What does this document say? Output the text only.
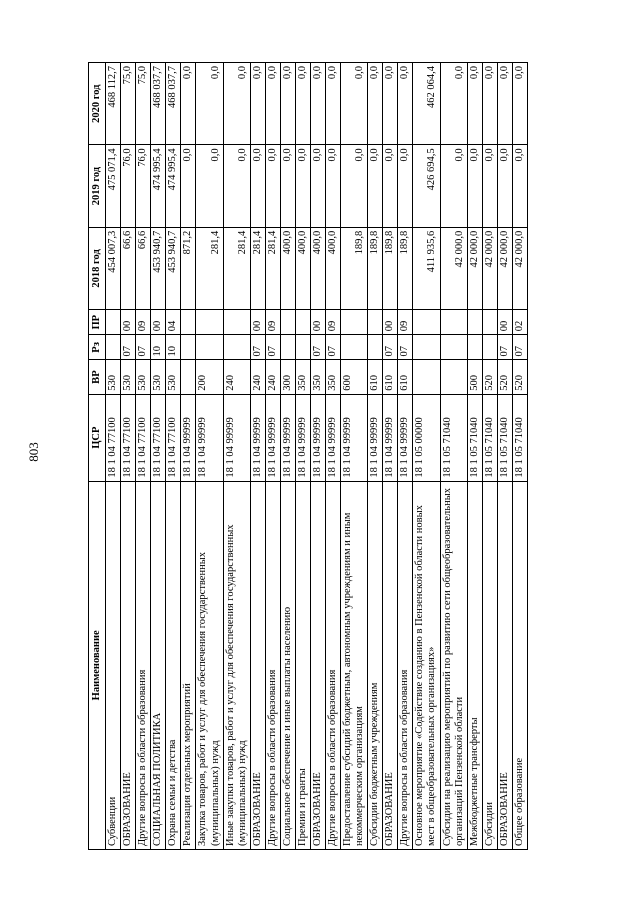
803
Наименование	ЦСР	ВР	Рз	ПР	2018 год	2019 год	2020 год
Субвенции	18 1 04 77100	530			454 007,3	475 071,4	468 112,7
ОБРАЗОВАНИЕ	18 1 04 77100	530	07	00	66,6	76,0	75,0
Другие вопросы в области образования	18 1 04 77100	530	07	09	66,6	76,0	75,0
СОЦИАЛЬНАЯ ПОЛИТИКА	18 1 04 77100	530	10	00	453 940,7	474 995,4	468 037,7
Охрана семьи и детства	18 1 04 77100	530	10	04	453 940,7	474 995,4	468 037,7
Реализация отдельных мероприятий	18 1 04 99999				871,2	0,0	0,0
Закупка товаров, работ и услуг для обеспечения государственных (муниципальных) нужд	18 1 04 99999	200			281,4	0,0	0,0
Иные закупки товаров, работ и услуг для обеспечения государственных (муниципальных) нужд	18 1 04 99999	240			281,4	0,0	0,0
ОБРАЗОВАНИЕ	18 1 04 99999	240	07	00	281,4	0,0	0,0
Другие вопросы в области образования	18 1 04 99999	240	07	09	281,4	0,0	0,0
Социальное обеспечение и иные выплаты населению	18 1 04 99999	300			400,0	0,0	0,0
Премии и гранты	18 1 04 99999	350			400,0	0,0	0,0
ОБРАЗОВАНИЕ	18 1 04 99999	350	07	00	400,0	0,0	0,0
Другие вопросы в области образования	18 1 04 99999	350	07	09	400,0	0,0	0,0
Предоставление субсидий бюджетным, автономным учреждениям и иным некоммерческим организациям	18 1 04 99999	600			189,8	0,0	0,0
Субсидии бюджетным учреждениям	18 1 04 99999	610			189,8	0,0	0,0
ОБРАЗОВАНИЕ	18 1 04 99999	610	07	00	189,8	0,0	0,0
Другие вопросы в области образования	18 1 04 99999	610	07	09	189,8	0,0	0,0
Основное мероприятие «Содействие созданию в Пензенской области новых мест в общеобразовательных организациях»	18 1 05 00000				411 935,6	426 694,5	462 064,4
Субсидии на реализацию мероприятий по развитию сети общеобразовательных организаций Пензенской области	18 1 05 71040				42 000,0	0,0	0,0
Межбюджетные трансферты	18 1 05 71040	500			42 000,0	0,0	0,0
Субсидии	18 1 05 71040	520			42 000,0	0,0	0,0
ОБРАЗОВАНИЕ	18 1 05 71040	520	07	00	42 000,0	0,0	0,0
Общее образование	18 1 05 71040	520	07	02	42 000,0	0,0	0,0
